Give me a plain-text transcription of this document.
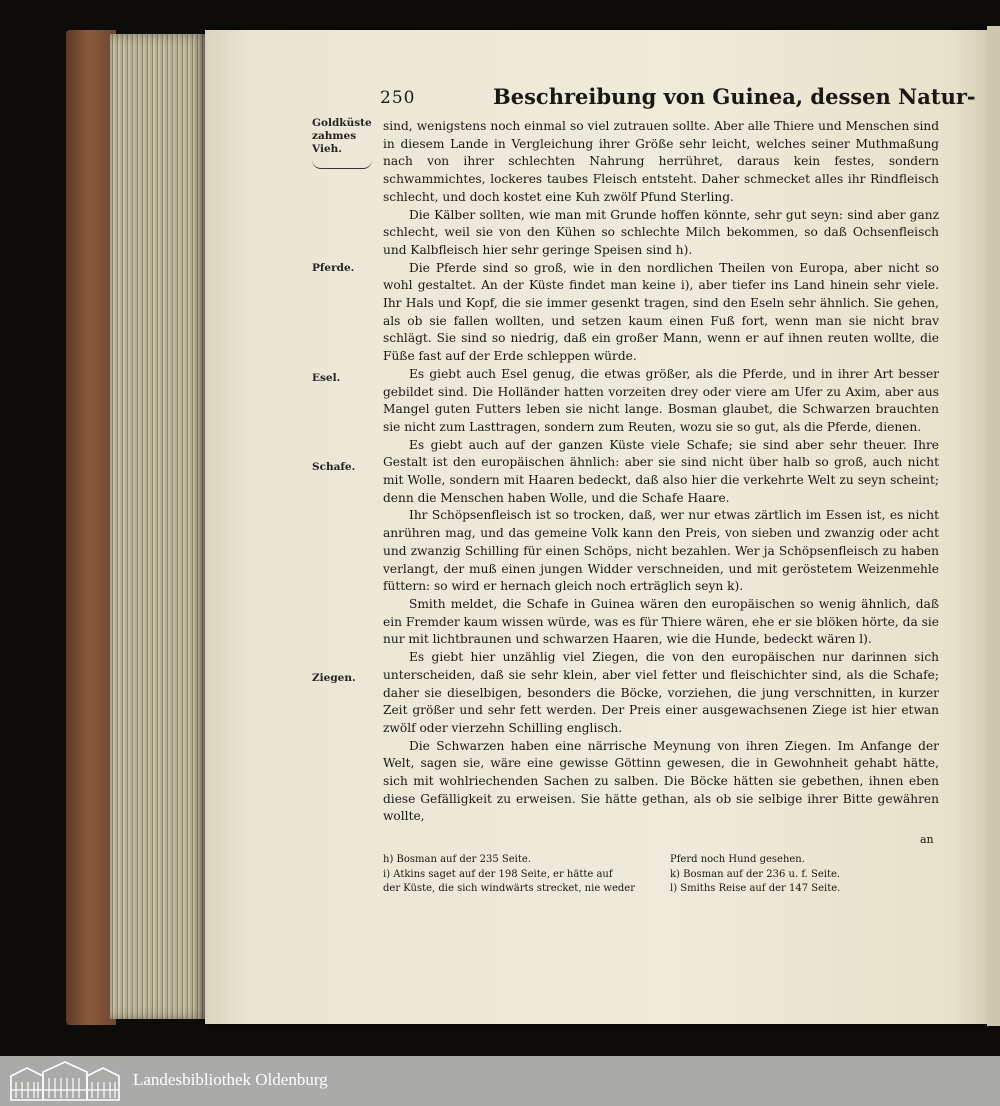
250	Beschreibung von Guinea, dessen Natur-
Goldküste zahmes Vieh.
Pferde.
Esel.
Schafe.
Ziegen.

sind, wenigstens noch einmal so viel zutrauen sollte. Aber alle Thiere und Menschen sind in diesem Lande in Vergleichung ihrer Größe sehr leicht, welches seiner Muthmaßung nach von ihrer schlechten Nahrung herrühret, daraus kein festes, sondern schwammichtes, lockeres taubes Fleisch entsteht. Daher schmecket alles ihr Rindfleisch schlecht, und doch kostet eine Kuh zwölf Pfund Sterling.

Die Kälber sollten, wie man mit Grunde hoffen könnte, sehr gut seyn: sind aber ganz schlecht, weil sie von den Kühen so schlechte Milch bekommen, so daß Ochsenfleisch und Kalbfleisch hier sehr geringe Speisen sind h).

Die Pferde sind so groß, wie in den nordlichen Theilen von Europa, aber nicht so wohl gestaltet. An der Küste findet man keine i), aber tiefer ins Land hinein sehr viele. Ihr Hals und Kopf, die sie immer gesenkt tragen, sind den Eseln sehr ähnlich. Sie gehen, als ob sie fallen wollten, und setzen kaum einen Fuß fort, wenn man sie nicht brav schlägt. Sie sind so niedrig, daß ein großer Mann, wenn er auf ihnen reuten wollte, die Füße fast auf der Erde schleppen würde.

Es giebt auch Esel genug, die etwas größer, als die Pferde, und in ihrer Art besser gebildet sind. Die Holländer hatten vorzeiten drey oder viere am Ufer zu Axim, aber aus Mangel guten Futters leben sie nicht lange. Bosman glaubet, die Schwarzen brauchten sie nicht zum Lasttragen, sondern zum Reuten, wozu sie so gut, als die Pferde, dienen.

Es giebt auch auf der ganzen Küste viele Schafe; sie sind aber sehr theuer. Ihre Gestalt ist den europäischen ähnlich: aber sie sind nicht über halb so groß, auch nicht mit Wolle, sondern mit Haaren bedeckt, daß also hier die verkehrte Welt zu seyn scheint; denn die Menschen haben Wolle, und die Schafe Haare.

Ihr Schöpsenfleisch ist so trocken, daß, wer nur etwas zärtlich im Essen ist, es nicht anrühren mag, und das gemeine Volk kann den Preis, von sieben und zwanzig oder acht und zwanzig Schilling für einen Schöps, nicht bezahlen. Wer ja Schöpsenfleisch zu haben verlangt, der muß einen jungen Widder verschneiden, und mit geröstetem Weizenmehle füttern: so wird er hernach gleich noch erträglich seyn k).

Smith meldet, die Schafe in Guinea wären den europäischen so wenig ähnlich, daß ein Fremder kaum wissen würde, was es für Thiere wären, ehe er sie blöken hörte, da sie nur mit lichtbraunen und schwarzen Haaren, wie die Hunde, bedeckt wären l).

Es giebt hier unzählig viel Ziegen, die von den europäischen nur darinnen sich unterscheiden, daß sie sehr klein, aber viel fetter und fleischichter sind, als die Schafe; daher sie dieselbigen, besonders die Böcke, vorziehen, die jung verschnitten, in kurzer Zeit größer und sehr fett werden. Der Preis einer ausgewachsenen Ziege ist hier etwan zwölf oder vierzehn Schilling englisch.

Die Schwarzen haben eine närrische Meynung von ihren Ziegen. Im Anfange der Welt, sagen sie, wäre eine gewisse Göttinn gewesen, die in Gewohnheit gehabt hätte, sich mit wohlriechenden Sachen zu salben. Die Böcke hätten sie gebethen, ihnen eben diese Gefälligkeit zu erweisen. Sie hätte gethan, als ob sie selbige ihrer Bitte gewähren wollte,

an
h) Bosman auf der 235 Seite.
i) Atkins saget auf der 198 Seite, er hätte auf
der Küste, die sich windwärts strecket, nie weder
Pferd noch Hund gesehen.
k) Bosman auf der 236 u. f. Seite.
l) Smiths Reise auf der 147 Seite.
Landesbibliothek Oldenburg
